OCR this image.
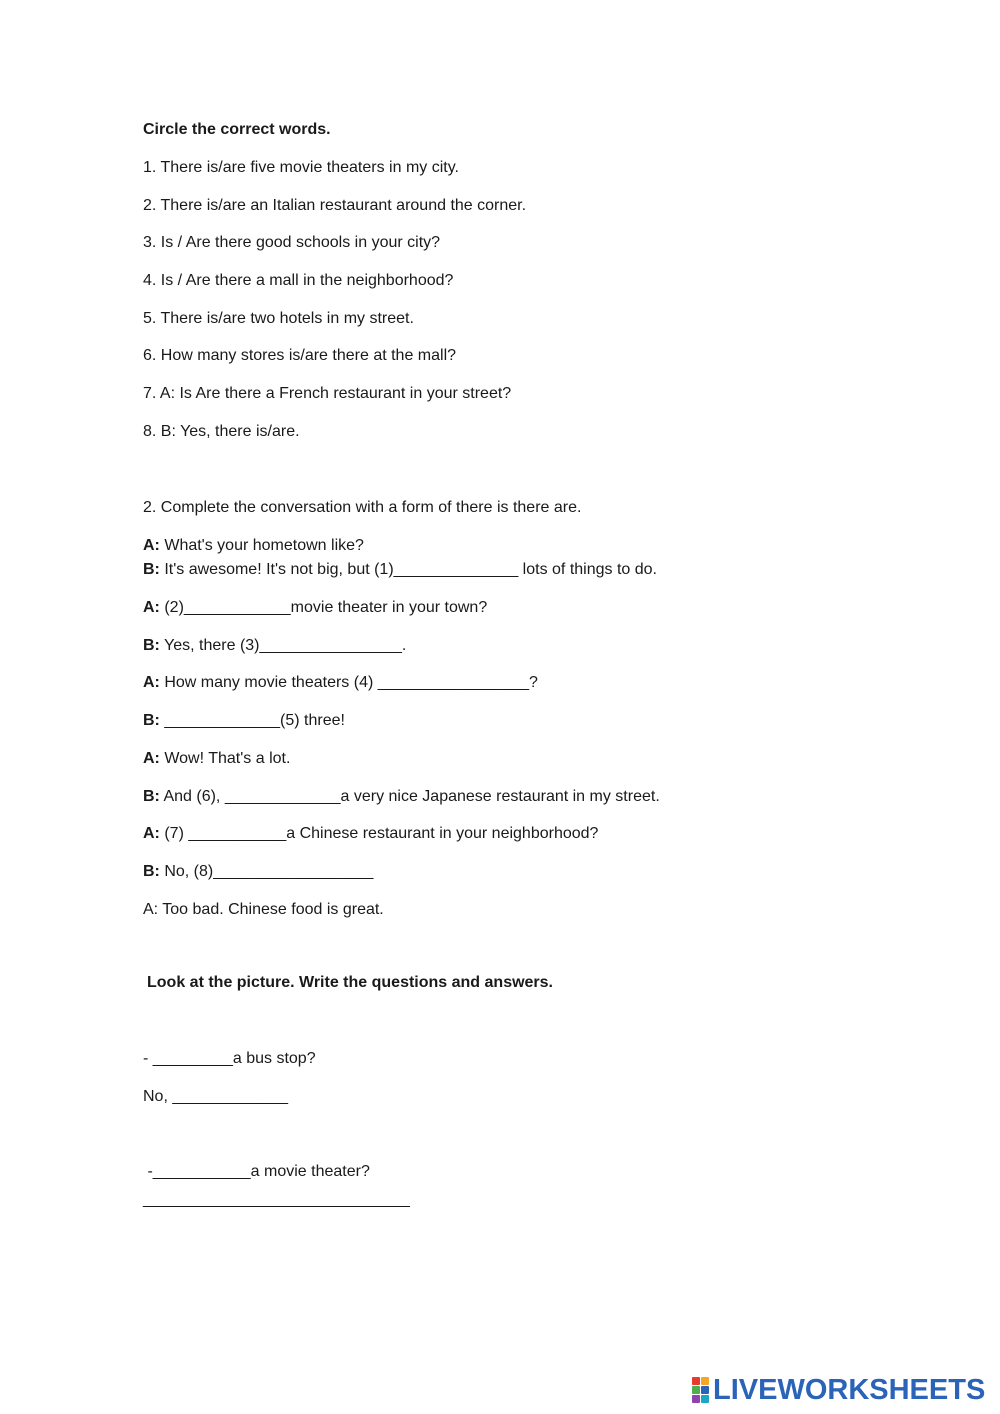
Circle the correct words.
1. There is/are five movie theaters in my city.
2. There is/are an Italian restaurant around the corner.
3. Is / Are there good schools in your city?
4. Is / Are there a mall in the neighborhood?
5. There is/are two hotels in my street.
6. How many stores is/are there at the mall?
7. A: Is Are there a French restaurant in your street?
8. B: Yes, there is/are.
2. Complete the conversation with a form of there is there are.
A: What's your hometown like?
B: It's awesome! It's not big, but (1)______________ lots of things to do.
A: (2)____________movie theater in your town?
B: Yes, there (3)________________.
A: How many movie theaters (4) _________________?
B: _____________(5) three!
A: Wow! That's a lot.
B: And (6), _____________a very nice Japanese restaurant in my street.
A: (7) ___________a Chinese restaurant in your neighborhood?
B: No, (8)__________________
A: Too bad. Chinese food is great.
Look at the picture. Write the questions and answers.
- _________a bus stop?
No, _____________
-___________a movie theater?
______________________________
LIVEWORKSHEETS
